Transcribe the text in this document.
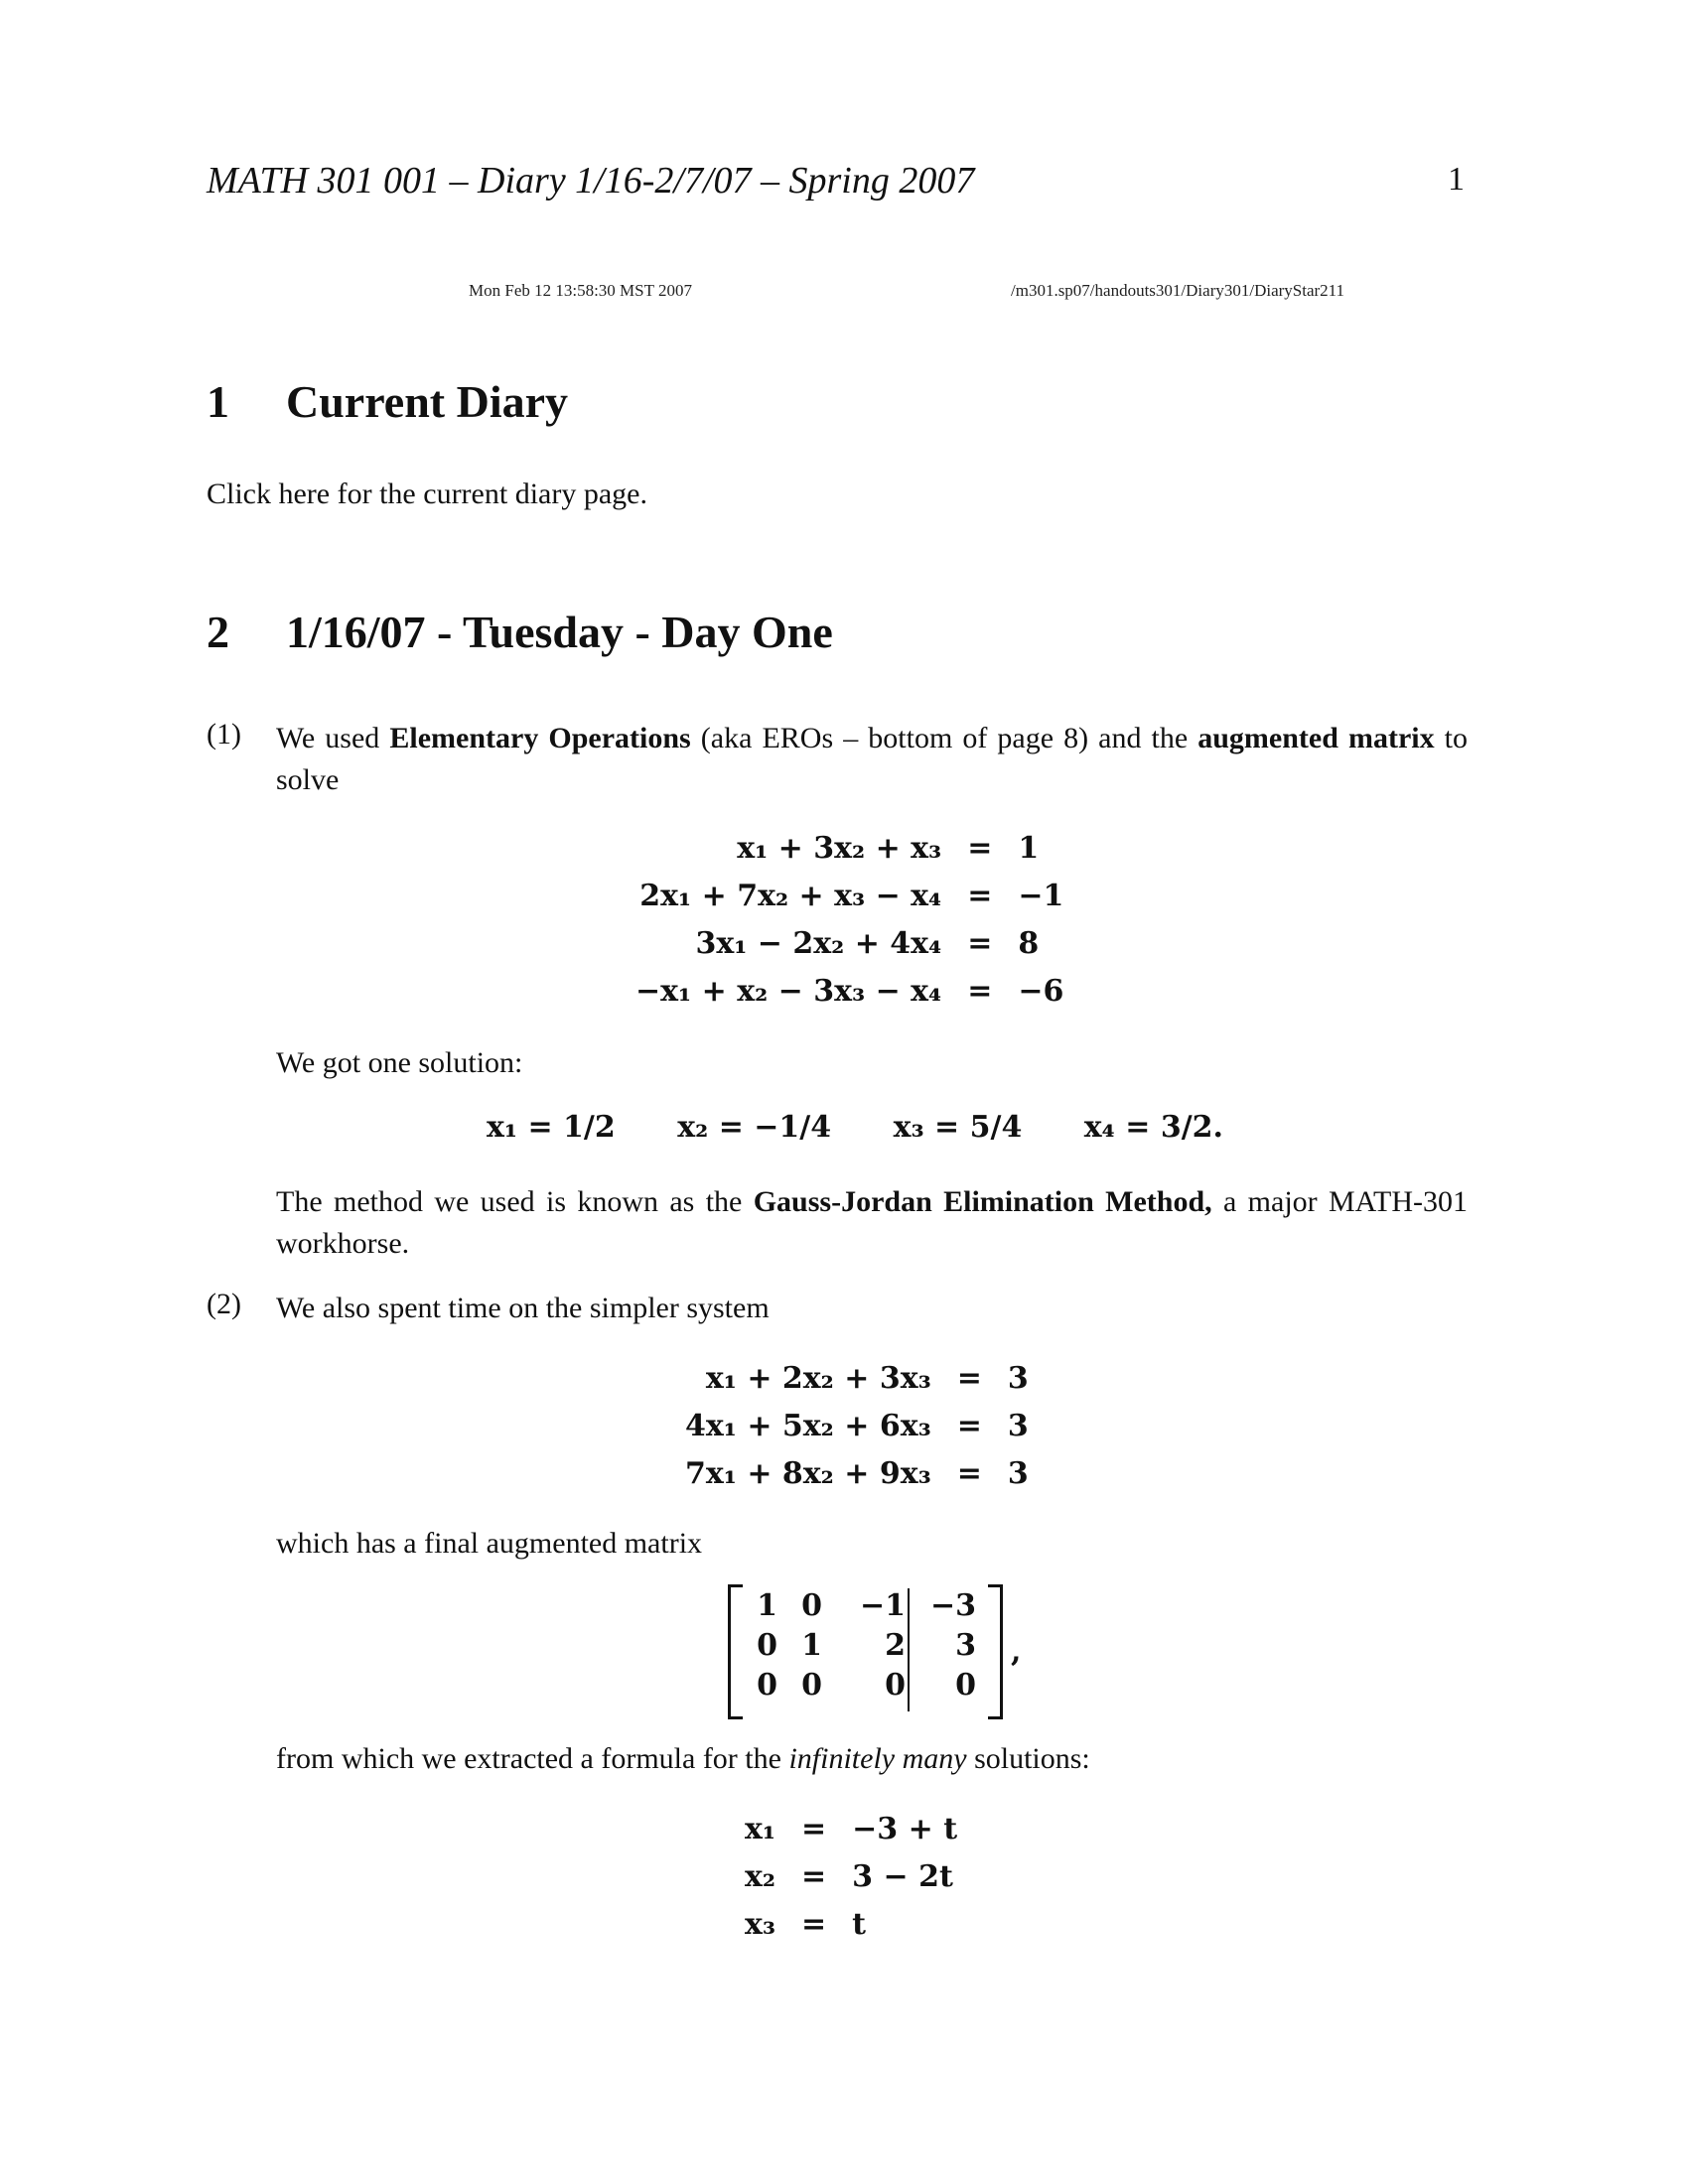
MATH 301 001 – Diary 1/16-2/7/07 – Spring 2007	1
Mon Feb 12 13:58:30 MST 2007	/m301.sp07/handouts301/Diary301/DiaryStar211
1 Current Diary
Click here for the current diary page.
2 1/16/07 - Tuesday - Day One
(1) We used Elementary Operations (aka EROs – bottom of page 8) and the augmented matrix to solve
x₁ + 3x₂ + x₃	=	1
2x₁ + 7x₂ + x₃ − x₄	=	−1
3x₁ − 2x₂ + 4x₄	=	8
−x₁ + x₂ − 3x₃ − x₄	=	−6
We got one solution:
x₁ = 1/2 x₂ = −1/4 x₃ = 5/4 x₄ = 3/2.
The method we used is known as the Gauss-Jordan Elimination Method, a major MATH-301 workhorse.
(2) We also spent time on the simpler system
x₁ + 2x₂ + 3x₃	=	3
4x₁ + 5x₂ + 6x₃	=	3
7x₁ + 8x₂ + 9x₃	=	3
which has a final augmented matrix
1 0 −1 −3
0 1	2	3
0 0	0	0
,
from which we extracted a formula for the infinitely many solutions:
x₁	=	−3 + t
x₂	=	3 − 2t
x₃	=	t
